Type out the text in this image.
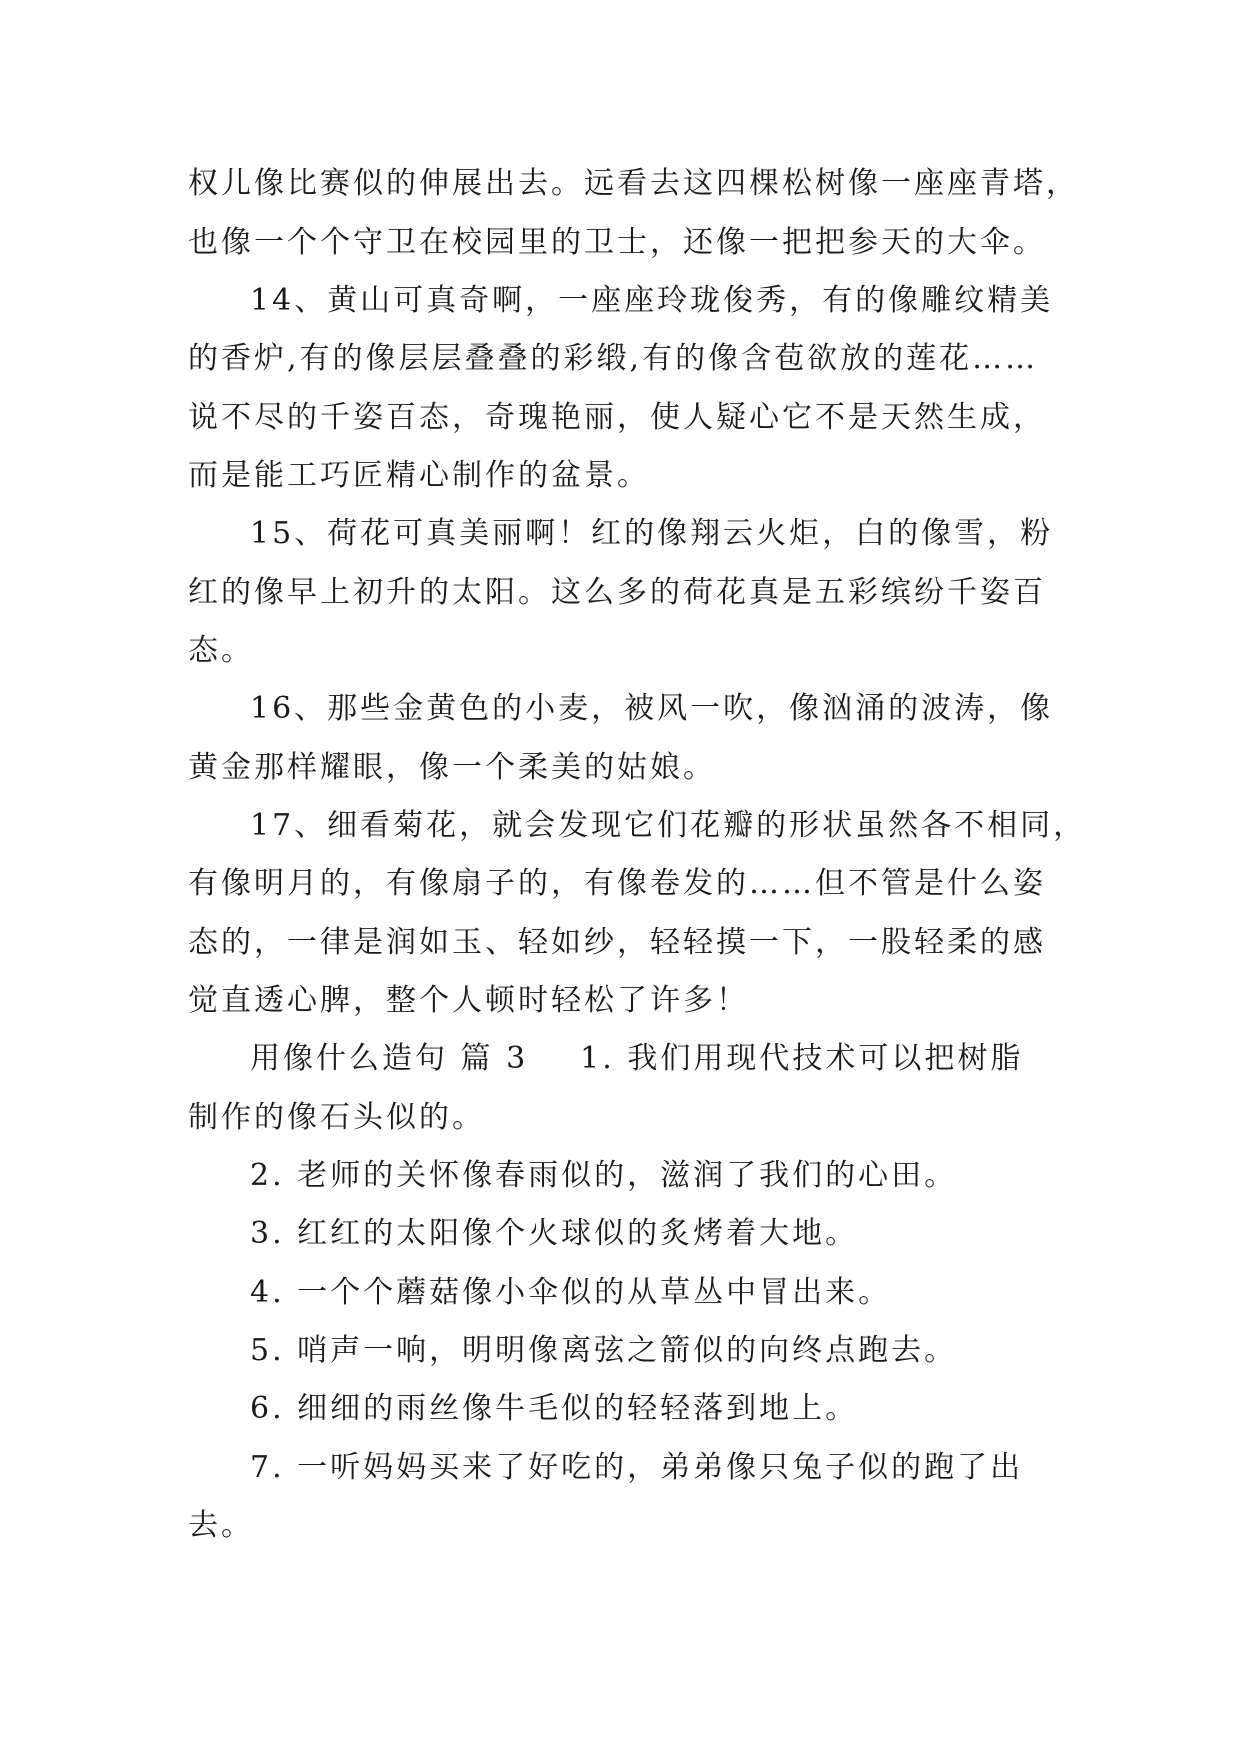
权儿像比赛似的伸展出去。远看去这四棵松树像一座座青塔，
也像一个个守卫在校园里的卫士，还像一把把参天的大伞。
14、黄山可真奇啊，一座座玲珑俊秀，有的像雕纹精美
的香炉,有的像层层叠叠的彩缎,有的像含苞欲放的莲花……
说不尽的千姿百态，奇瑰艳丽，使人疑心它不是天然生成，
而是能工巧匠精心制作的盆景。
15、荷花可真美丽啊！红的像翔云火炬，白的像雪，粉
红的像早上初升的太阳。这么多的荷花真是五彩缤纷千姿百
态。
16、那些金黄色的小麦，被风一吹，像汹涌的波涛，像
黄金那样耀眼，像一个柔美的姑娘。
17、细看菊花，就会发现它们花瓣的形状虽然各不相同，
有像明月的，有像扇子的，有像卷发的……但不管是什么姿
态的，一律是润如玉、轻如纱，轻轻摸一下，一股轻柔的感
觉直透心脾，整个人顿时轻松了许多！
用像什么造句 篇 3 1. 我们用现代技术可以把树脂
制作的像石头似的。
2. 老师的关怀像春雨似的，滋润了我们的心田。
3. 红红的太阳像个火球似的炙烤着大地。
4. 一个个蘑菇像小伞似的从草丛中冒出来。
5. 哨声一响，明明像离弦之箭似的向终点跑去。
6. 细细的雨丝像牛毛似的轻轻落到地上。
7. 一听妈妈买来了好吃的，弟弟像只兔子似的跑了出
去。
